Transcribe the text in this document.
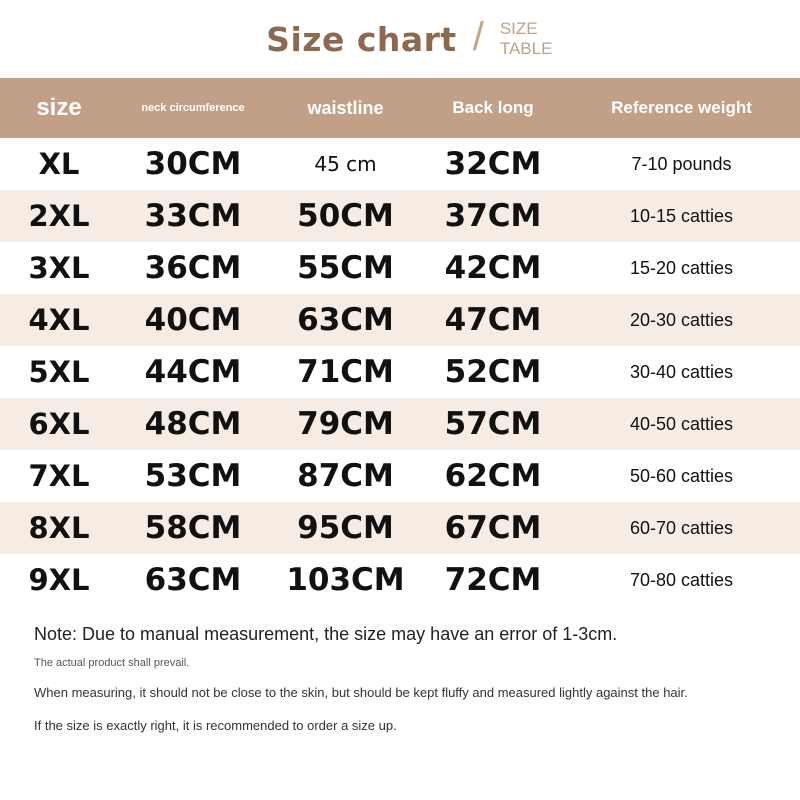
Size chart / SIZE TABLE
size	neck circumference	waistline	Back long	Reference weight
XL	30CM	45 cm	32CM	7-10 pounds
2XL	33CM	50CM	37CM	10-15 catties
3XL	36CM	55CM	42CM	15-20 catties
4XL	40CM	63CM	47CM	20-30 catties
5XL	44CM	71CM	52CM	30-40 catties
6XL	48CM	79CM	57CM	40-50 catties
7XL	53CM	87CM	62CM	50-60 catties
8XL	58CM	95CM	67CM	60-70 catties
9XL	63CM	103CM	72CM	70-80 catties
Note: Due to manual measurement, the size may have an error of 1-3cm.
The actual product shall prevail.
When measuring, it should not be close to the skin, but should be kept fluffy and measured lightly against the hair.
If the size is exactly right, it is recommended to order a size up.
